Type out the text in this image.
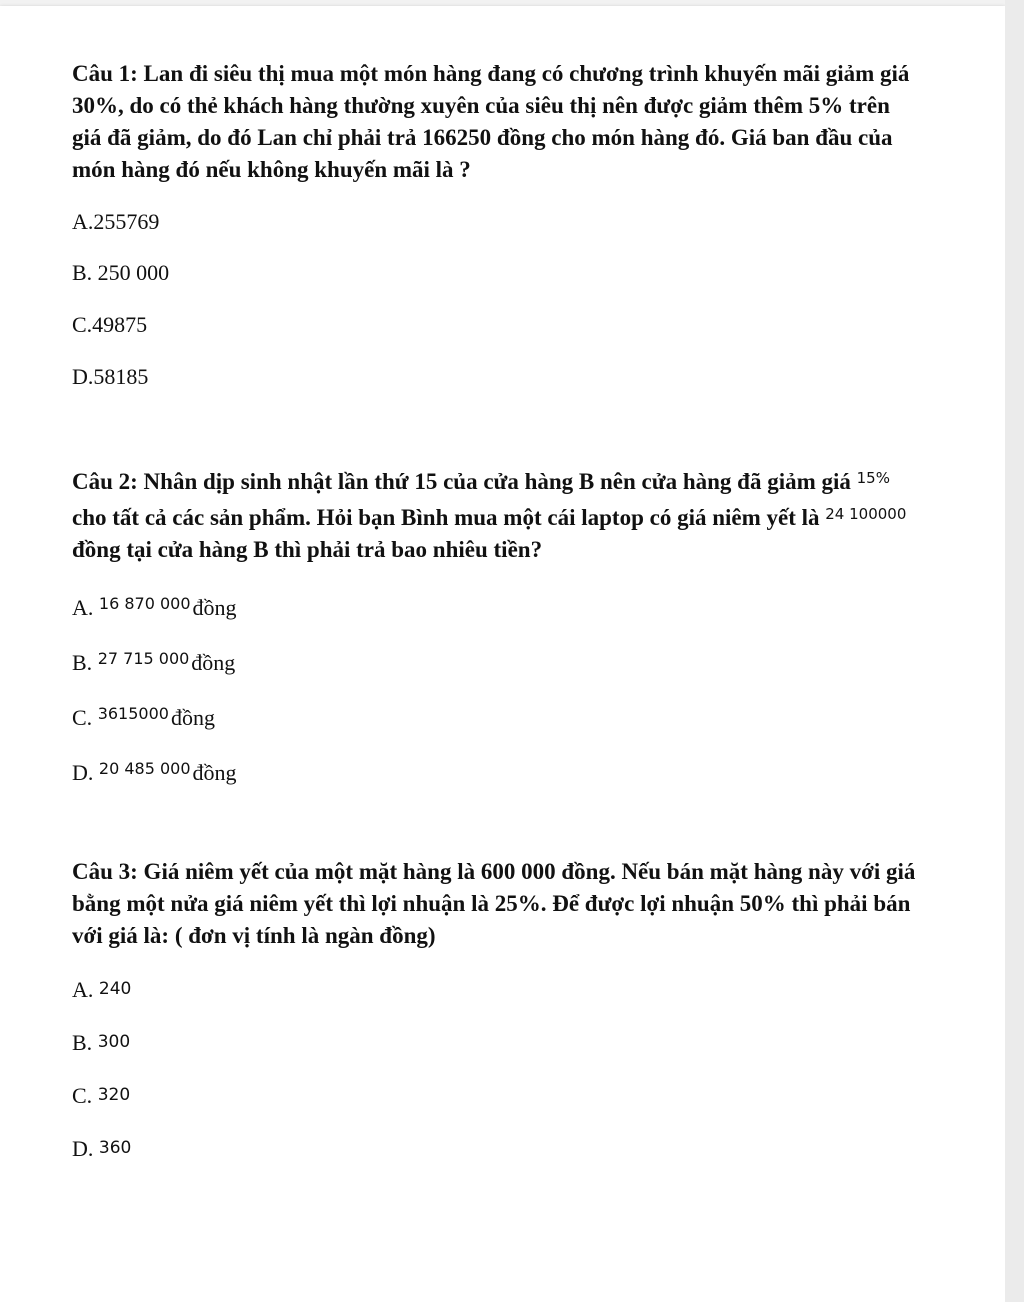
Câu 1: Lan đi siêu thị mua một món hàng đang có chương trình khuyến mãi giảm giá 30%, do có thẻ khách hàng thường xuyên của siêu thị nên được giảm thêm 5% trên giá đã giảm, do đó Lan chỉ phải trả 166250 đồng cho món hàng đó. Giá ban đầu của món hàng đó nếu không khuyến mãi là ?
A.255769
B. 250 000
C.49875
D.58185
Câu 2: Nhân dịp sinh nhật lần thứ 15 của cửa hàng B nên cửa hàng đã giảm giá $^{15\%}$ cho tất cả các sản phẩm. Hỏi bạn Bình mua một cái laptop có giá niêm yết là $^{24 100000}$ đồng tại cửa hàng B thì phải trả bao nhiêu tiền?
A. $^{16 870 000}$đồng
B. $^{27 715 000}$đồng
C. $^{3615000}$đồng
D. $^{20 485 000}$đồng
Câu 3: Giá niêm yết của một mặt hàng là 600 000 đồng. Nếu bán mặt hàng này với giá bằng một nửa giá niêm yết thì lợi nhuận là 25%. Để được lợi nhuận 50% thì phải bán với giá là: ( đơn vị tính là ngàn đồng)
A. 240
B. 300
C. 320
D. 360
